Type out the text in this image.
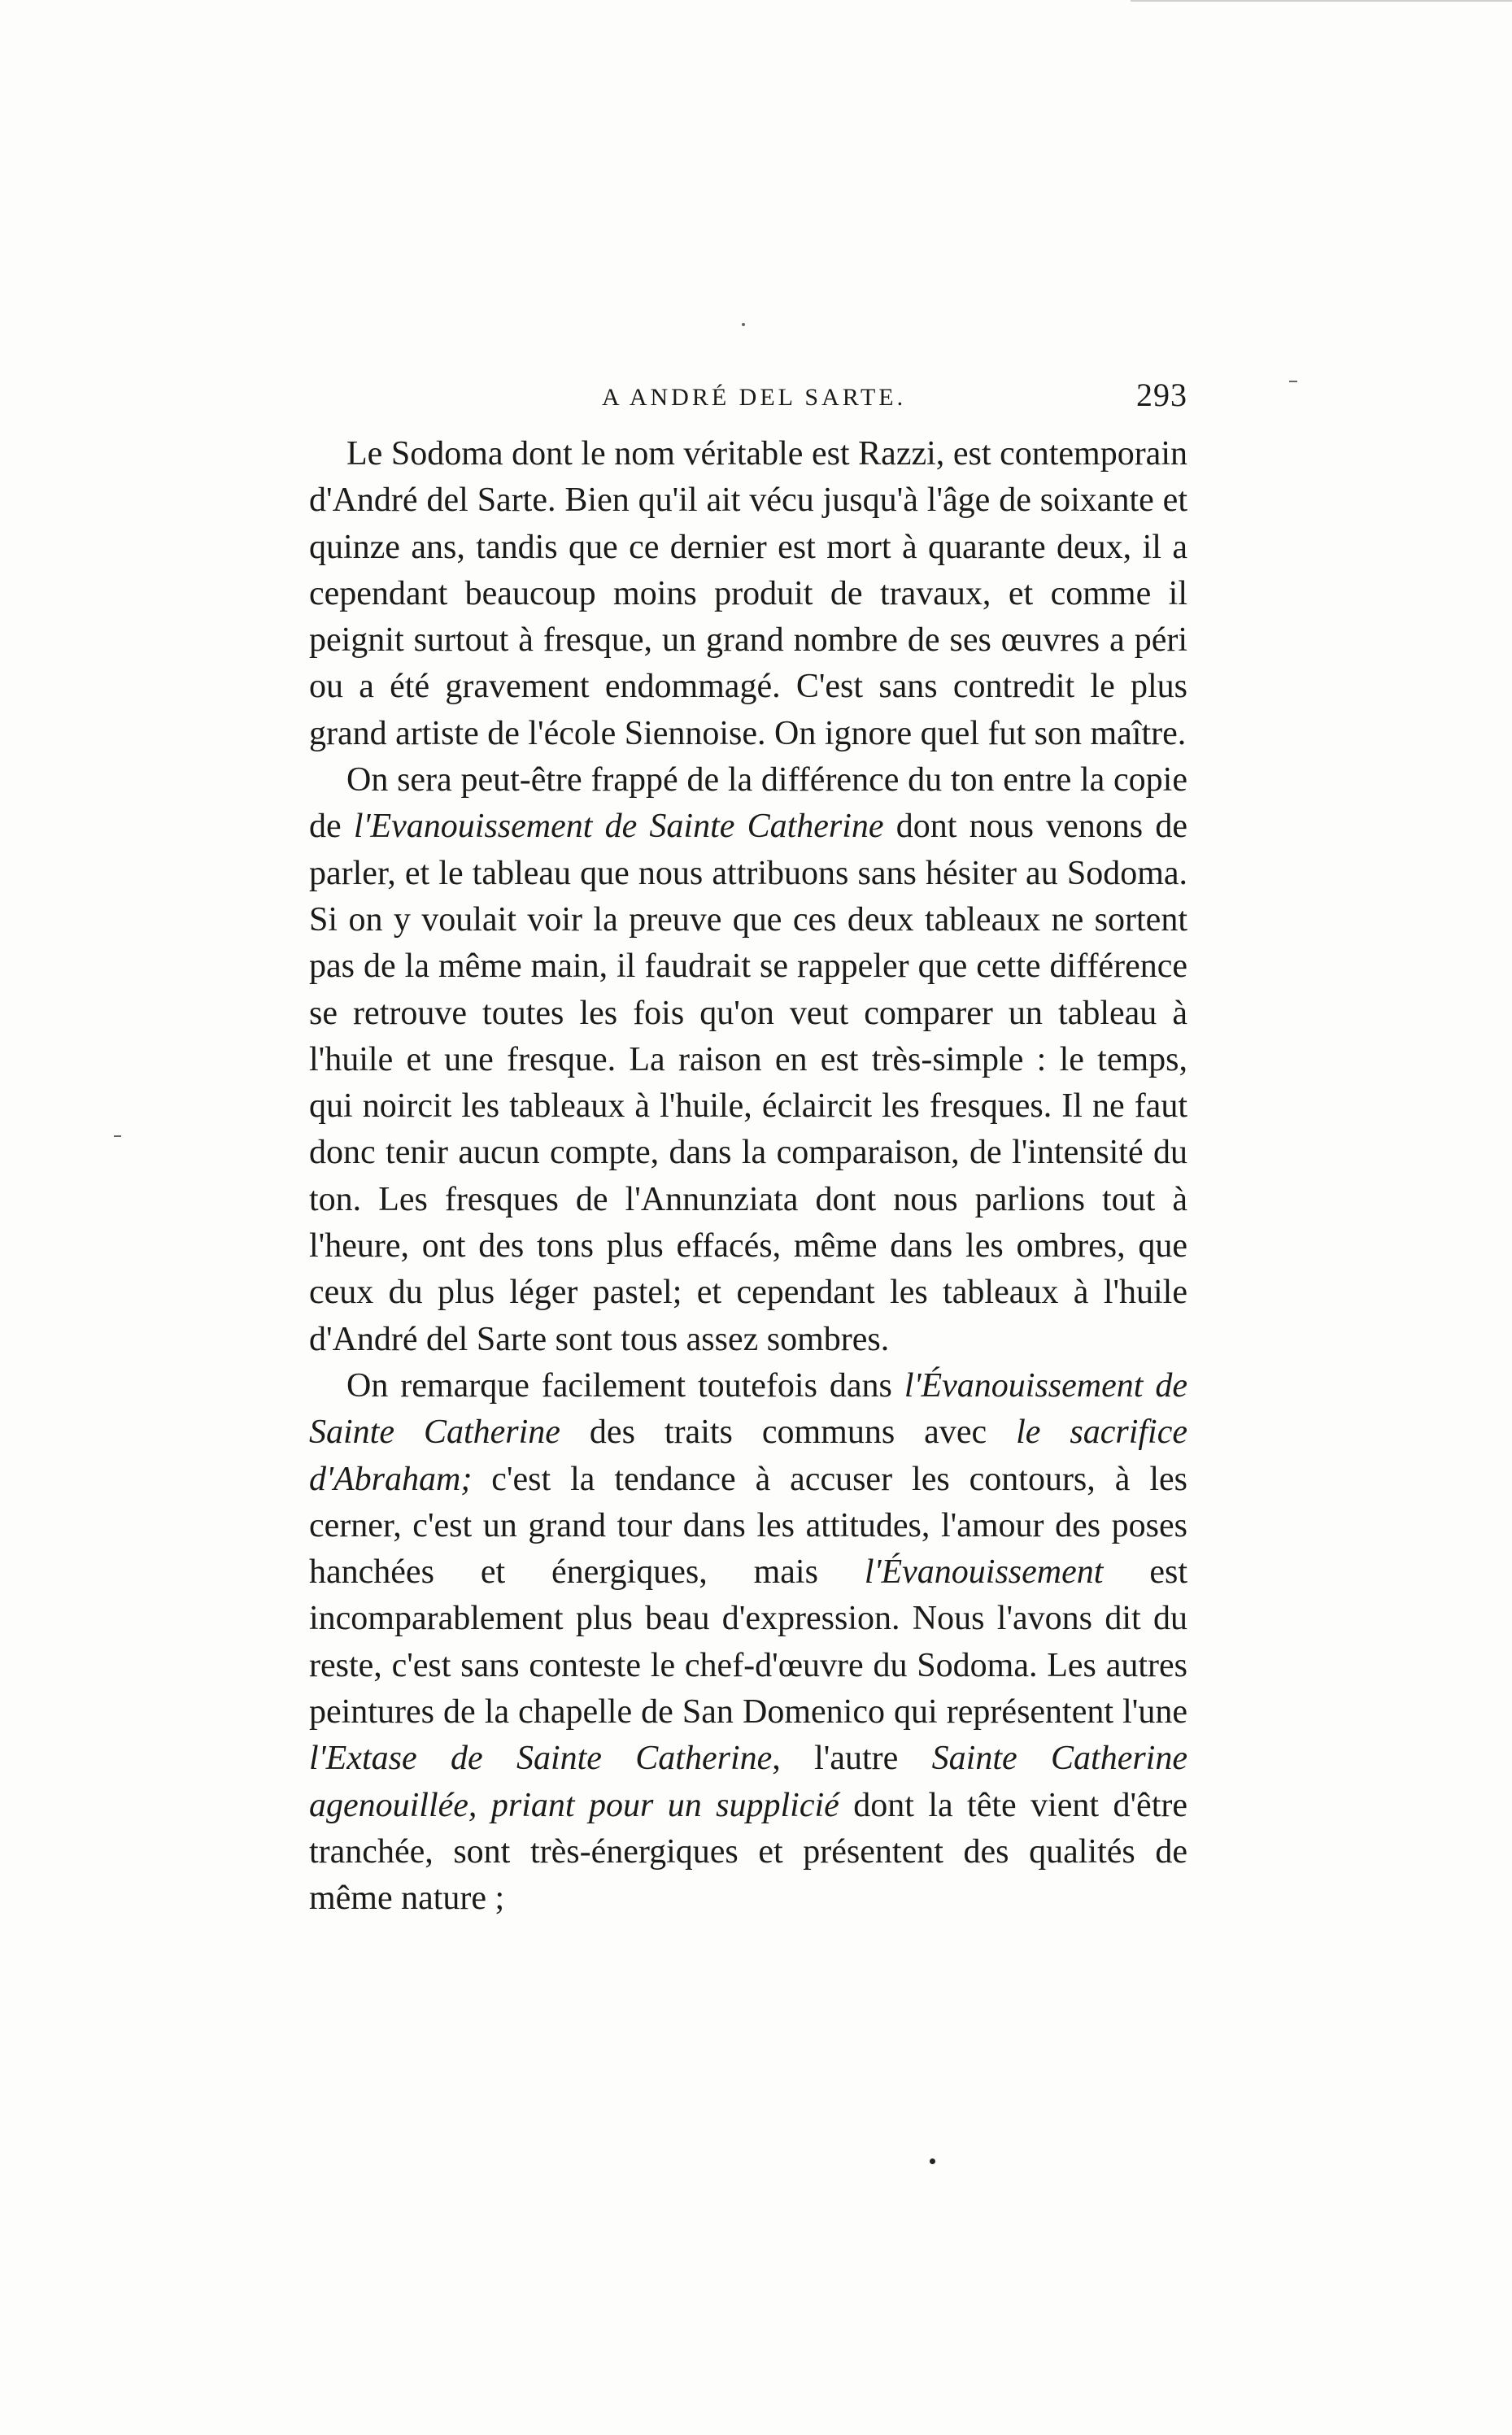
A ANDRÉ DEL SARTE.	293

Le Sodoma dont le nom véritable est Razzi, est contemporain d'André del Sarte. Bien qu'il ait vécu jusqu'à l'âge de soixante et quinze ans, tandis que ce dernier est mort à quarante deux, il a cependant beaucoup moins produit de travaux, et comme il peignit surtout à fresque, un grand nombre de ses œuvres a péri ou a été gravement endommagé. C'est sans contredit le plus grand artiste de l'école Siennoise. On ignore quel fut son maître.

On sera peut-être frappé de la différence du ton entre la copie de l'Evanouissement de Sainte Catherine dont nous venons de parler, et le tableau que nous attribuons sans hésiter au Sodoma. Si on y voulait voir la preuve que ces deux tableaux ne sortent pas de la même main, il faudrait se rappeler que cette différence se retrouve toutes les fois qu'on veut comparer un tableau à l'huile et une fresque. La raison en est très-simple : le temps, qui noircit les tableaux à l'huile, éclaircit les fresques. Il ne faut donc tenir aucun compte, dans la comparaison, de l'intensité du ton. Les fresques de l'Annunziata dont nous parlions tout à l'heure, ont des tons plus effacés, même dans les ombres, que ceux du plus léger pastel; et cependant les tableaux à l'huile d'André del Sarte sont tous assez sombres.

On remarque facilement toutefois dans l'Évanouissement de Sainte Catherine des traits communs avec le sacrifice d'Abraham; c'est la tendance à accuser les contours, à les cerner, c'est un grand tour dans les attitudes, l'amour des poses hanchées et énergiques, mais l'Évanouissement est incomparablement plus beau d'expression. Nous l'avons dit du reste, c'est sans conteste le chef-d'œuvre du Sodoma. Les autres peintures de la chapelle de San Domenico qui représentent l'une l'Extase de Sainte Catherine, l'autre Sainte Catherine agenouillée, priant pour un supplicié dont la tête vient d'être tranchée, sont très-énergiques et présentent des qualités de même nature ;
